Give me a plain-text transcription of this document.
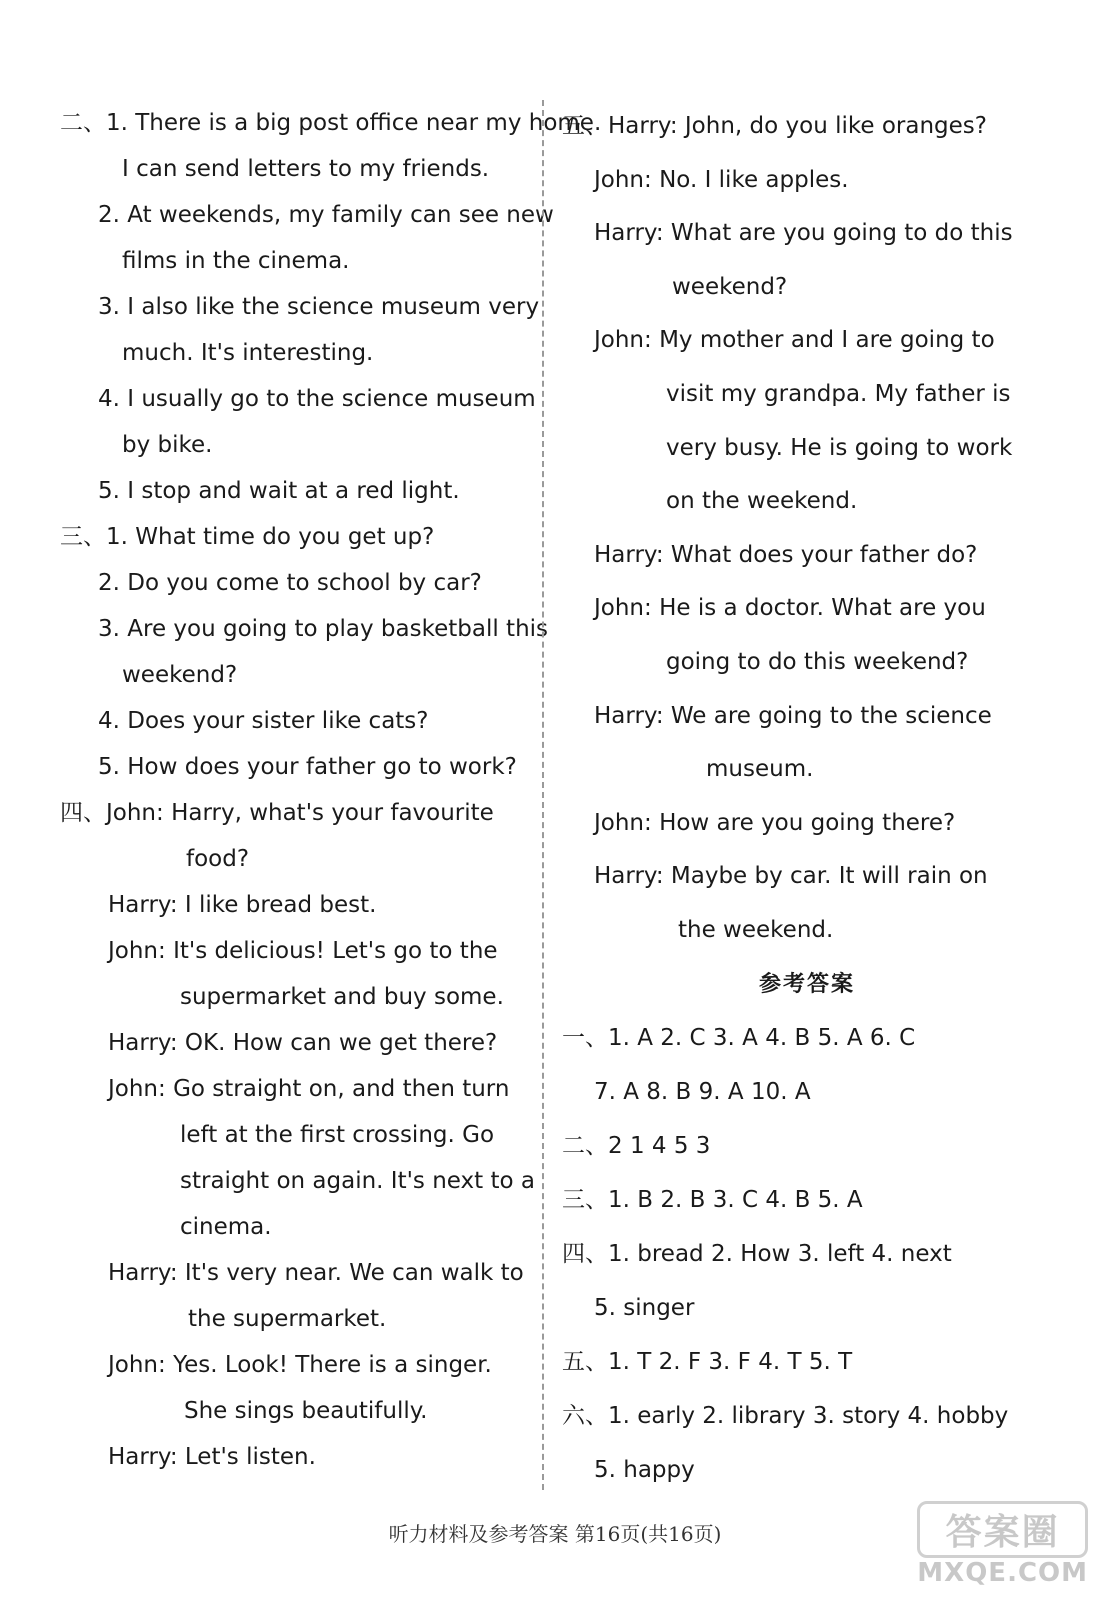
二、1. There is a big post office near my home.
I can send letters to my friends.
2. At weekends, my family can see new
films in the cinema.
3. I also like the science museum very
much. It's interesting.
4. I usually go to the science museum
by bike.
5. I stop and wait at a red light.
三、1. What time do you get up?
2. Do you come to school by car?
3. Are you going to play basketball this
weekend?
4. Does your sister like cats?
5. How does your father go to work?
四、John: Harry, what's your favourite
food?
Harry: I like bread best.
John: It's delicious! Let's go to the
supermarket and buy some.
Harry: OK. How can we get there?
John: Go straight on, and then turn
left at the first crossing. Go
straight on again. It's next to a
cinema.
Harry: It's very near. We can walk to
the supermarket.
John: Yes. Look! There is a singer.
She sings beautifully.
Harry: Let's listen.
五、Harry: John, do you like oranges?
John: No. I like apples.
Harry: What are you going to do this
weekend?
John: My mother and I are going to
visit my grandpa. My father is
very busy. He is going to work
on the weekend.
Harry: What does your father do?
John: He is a doctor. What are you
going to do this weekend?
Harry: We are going to the science
museum.
John: How are you going there?
Harry: Maybe by car. It will rain on
the weekend.
参考答案
一、1. A 2. C 3. A 4. B 5. A 6. C
7. A 8. B 9. A 10. A
二、2 1 4 5 3
三、1. B 2. B 3. C 4. B 5. A
四、1. bread 2. How 3. left 4. next
5. singer
五、1. T 2. F 3. F 4. T 5. T
六、1. early 2. library 3. story 4. hobby
5. happy
听力材料及参考答案 第16页(共16页)	答案圈
MXQE.COM
